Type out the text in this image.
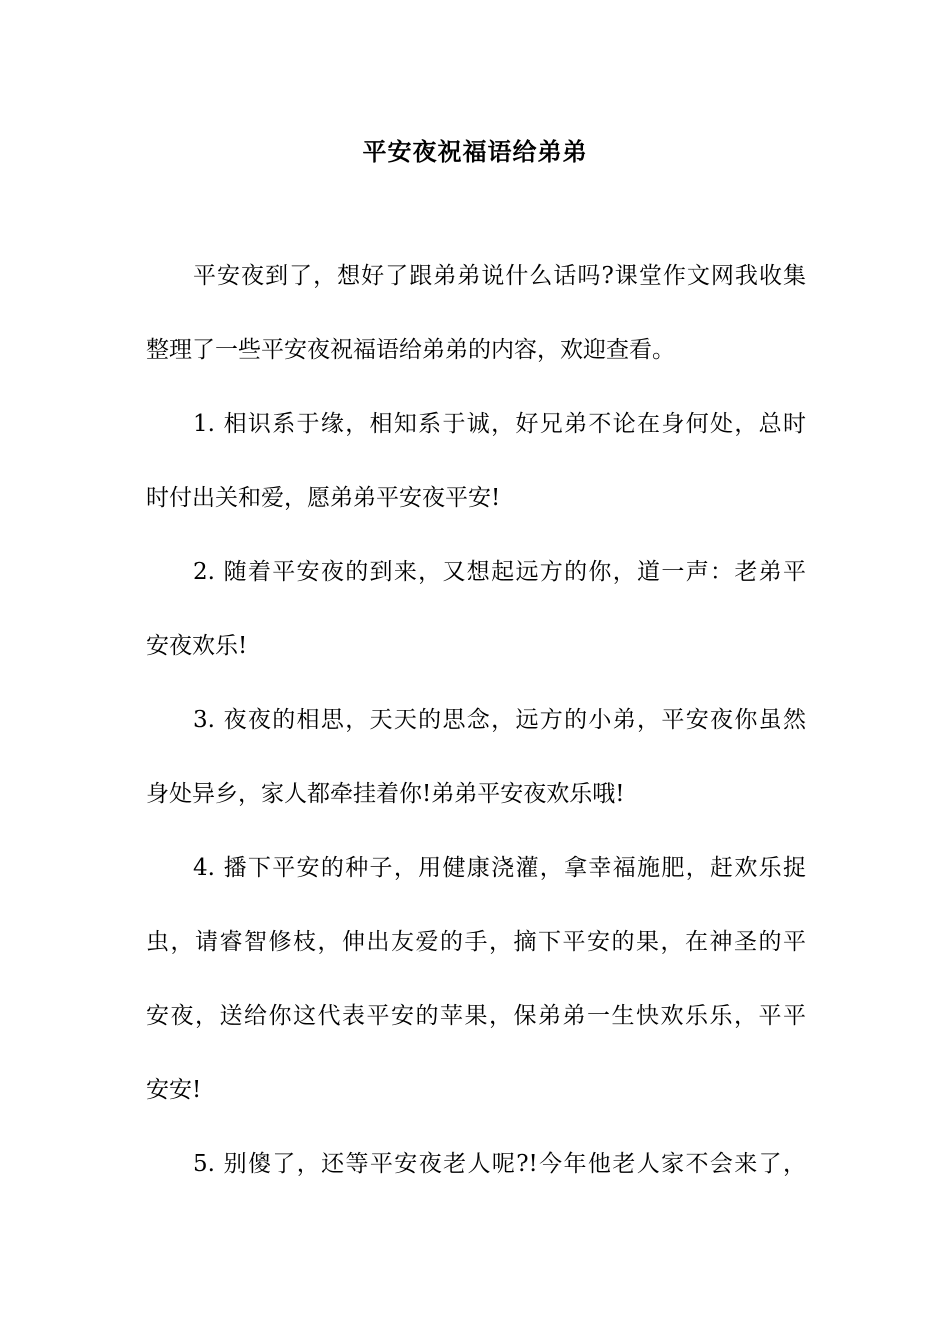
平安夜祝福语给弟弟
平安夜到了，想好了跟弟弟说什么话吗?课堂作文网我收集
整理了一些平安夜祝福语给弟弟的内容，欢迎查看。
1. 相识系于缘，相知系于诚，好兄弟不论在身何处，总时
时付出关和爱，愿弟弟平安夜平安!
2. 随着平安夜的到来，又想起远方的你，道一声：老弟平
安夜欢乐!
3. 夜夜的相思，天天的思念，远方的小弟，平安夜你虽然
身处异乡，家人都牵挂着你!弟弟平安夜欢乐哦!
4. 播下平安的种子，用健康浇灌，拿幸福施肥，赶欢乐捉
虫，请睿智修枝，伸出友爱的手，摘下平安的果，在神圣的平
安夜，送给你这代表平安的苹果，保弟弟一生快欢乐乐，平平
安安!
5. 别傻了，还等平安夜老人呢?!今年他老人家不会来了，
